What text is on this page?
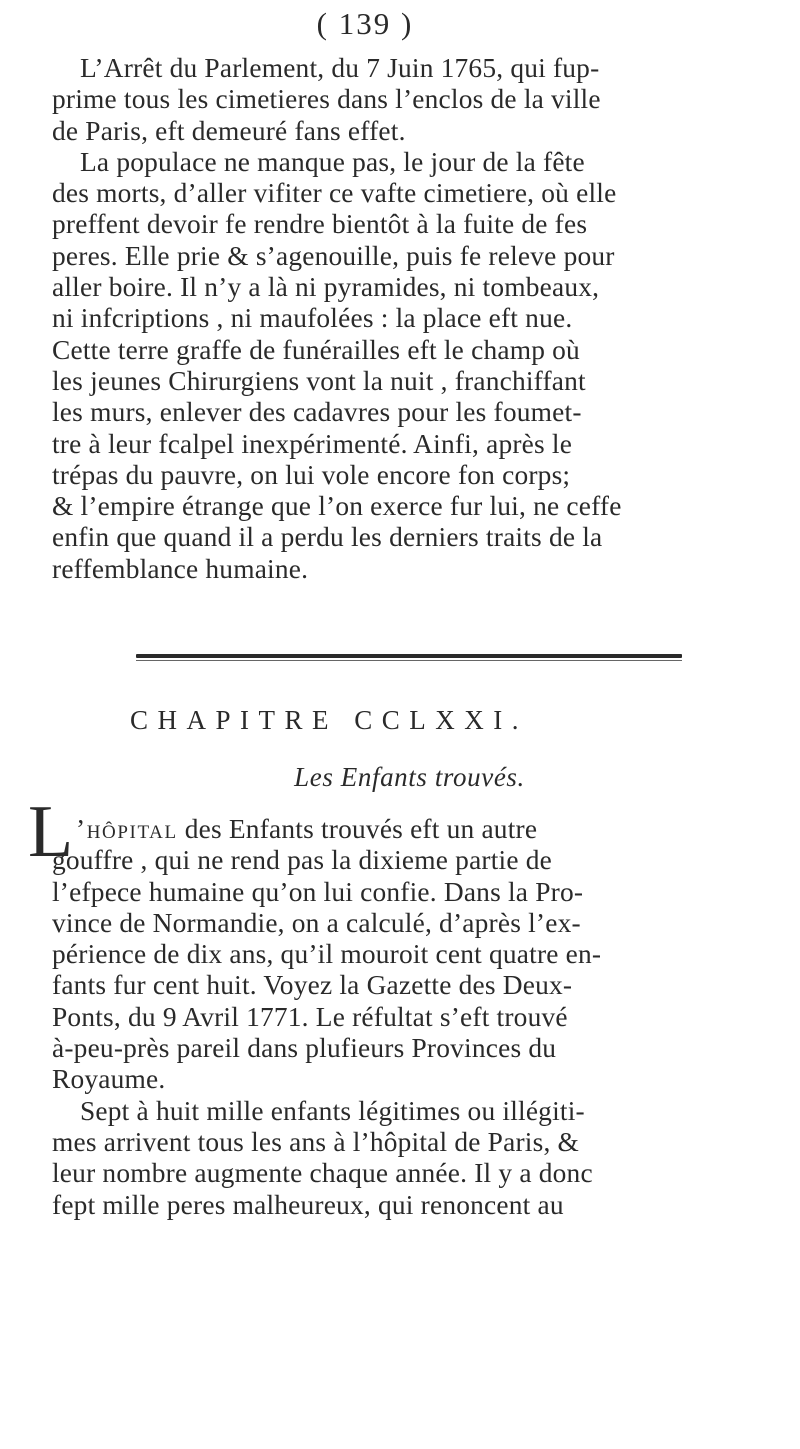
( 139 )
L’Arrêt du Parlement, du 7 Juin 1765, qui fup-
prime tous les cimetieres dans l’enclos de la ville
de Paris, eft demeuré fans effet.
La populace ne manque pas, le jour de la fête
des morts, d’aller vifiter ce vafte cimetiere, où elle
preffent devoir fe rendre bientôt à la fuite de fes
peres. Elle prie & s’agenouille, puis fe releve pour
aller boire. Il n’y a là ni pyramides, ni tombeaux,
ni infcriptions , ni maufolées : la place eft nue.
Cette terre graffe de funérailles eft le champ où
les jeunes Chirurgiens vont la nuit , franchiffant
les murs, enlever des cadavres pour les foumet-
tre à leur fcalpel inexpérimenté. Ainfi, après le
trépas du pauvre, on lui vole encore fon corps;
& l’empire étrange que l’on exerce fur lui, ne ceffe
enfin que quand il a perdu les derniers traits de la
reffemblance humaine.
CHAPITRE CCLXXI.
Les Enfants trouvés.
L ’hôpital des Enfants trouvés eft un autre
gouffre , qui ne rend pas la dixieme partie de
l’efpece humaine qu’on lui confie. Dans la Pro-
vince de Normandie, on a calculé, d’après l’ex-
périence de dix ans, qu’il mouroit cent quatre en-
fants fur cent huit. Voyez la Gazette des Deux-
Ponts, du 9 Avril 1771. Le réfultat s’eft trouvé
à-peu-près pareil dans plufieurs Provinces du
Royaume.
Sept à huit mille enfants légitimes ou illégiti-
mes arrivent tous les ans à l’hôpital de Paris, &
leur nombre augmente chaque année. Il y a donc
fept mille peres malheureux, qui renoncent au
